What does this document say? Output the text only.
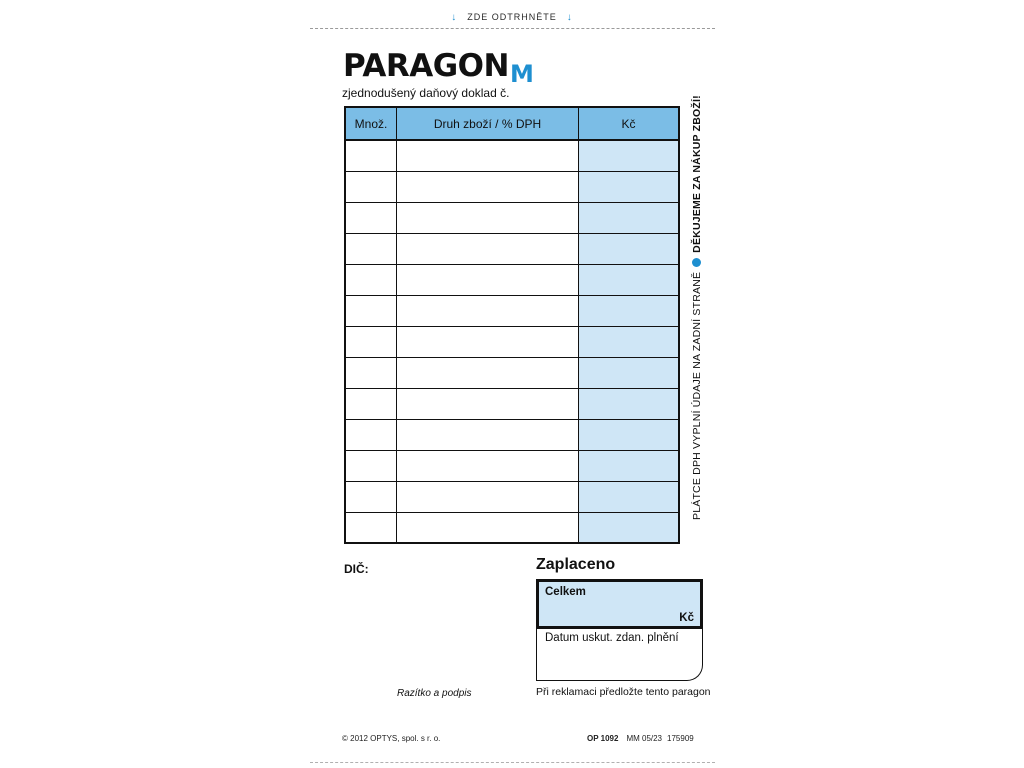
↓ ZDE ODTRHNĚTE ↓
PARAGON M
zjednodušený daňový doklad č.
Množ.	Druh zboží / % DPH	Kč
PLÁTCE DPH VYPLNÍ ÚDAJE NA ZADNÍ STRANĚDĚKUJEME ZA NÁKUP ZBOŽÍ!
DIČ:	Zaplaceno
Celkem
Kč
Datum uskut. zdan. plnění
Razítko a podpis	Při reklamaci předložte tento paragon
© 2012 OPTYS, spol. s r. o.	OP 1092 MM 05/23 175909
